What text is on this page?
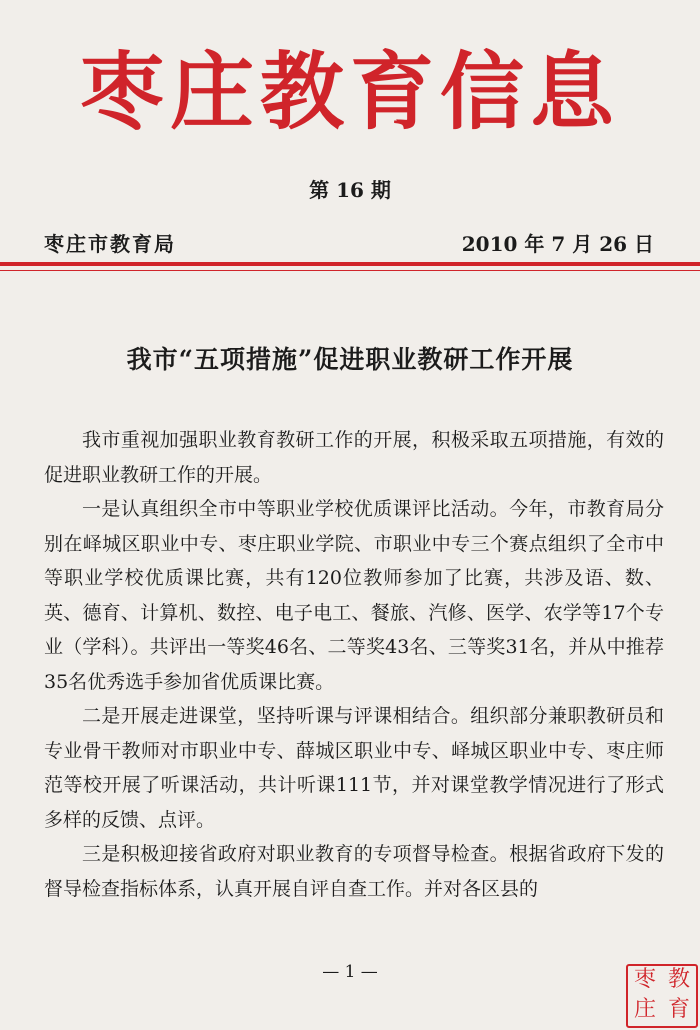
枣庄教育信息
第 16 期
枣庄市教育局	2010 年 7 月 26 日
我市“五项措施”促进职业教研工作开展

我市重视加强职业教育教研工作的开展，积极采取五项措施，有效的促进职业教研工作的开展。

一是认真组织全市中等职业学校优质课评比活动。今年，市教育局分别在峄城区职业中专、枣庄职业学院、市职业中专三个赛点组织了全市中等职业学校优质课比赛，共有120位教师参加了比赛，共涉及语、数、英、德育、计算机、数控、电子电工、餐旅、汽修、医学、农学等17个专业（学科）。共评出一等奖46名、二等奖43名、三等奖31名，并从中推荐35名优秀选手参加省优质课比赛。

二是开展走进课堂，坚持听课与评课相结合。组织部分兼职教研员和专业骨干教师对市职业中专、薛城区职业中专、峄城区职业中专、枣庄师范等校开展了听课活动，共计听课111节，并对课堂教学情况进行了形式多样的反馈、点评。

三是积极迎接省政府对职业教育的专项督导检查。根据省政府下发的督导检查指标体系，认真开展自评自查工作。并对各区县的

— 1 —	枣 教
庄 育
